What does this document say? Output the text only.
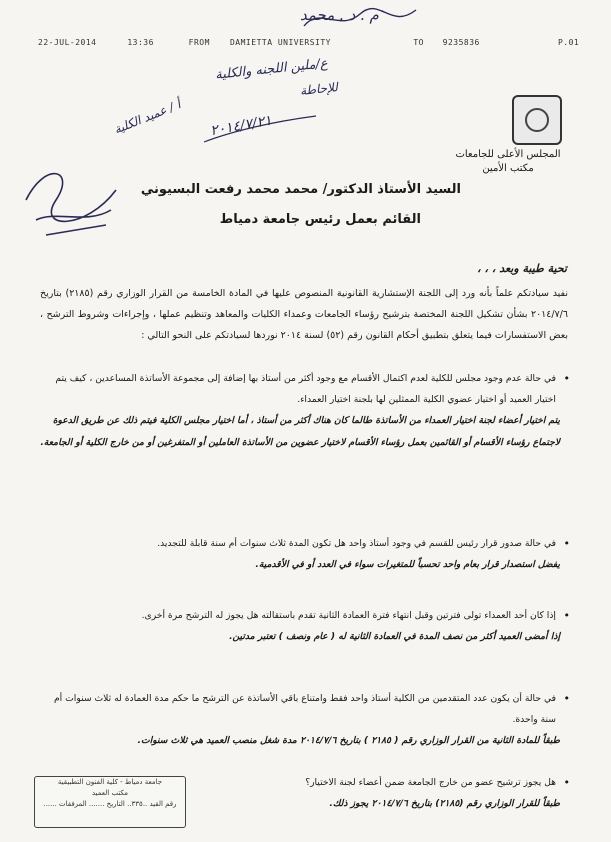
22-JUL-2014	13:36	FROM	DAMIETTA UNIVERSITY	TO 9235836	P.01
م . د . محمد
ع/ملين اللجنه والكلية
للإحاطة
٢٠١٤/٧/٢١
أ / عميد الكلية
المجلس الأعلى للجامعات
مكتب الأمين
السيد الأستاذ الدكتور/ محمد محمد رفعت البسيوني
القائم بعمل رئيس جامعة دمياط
تحية طيبة وبعد ، ، ،
نفيد سيادتكم علماً بأنه ورد إلى اللجنة الإستشارية القانونية المنصوص عليها في المادة الخامسة من القرار الوزاري رقم (٢١٨٥) بتاريخ ٢٠١٤/٧/٦ بشأن تشكيل اللجنة المختصة بترشيح رؤساء الجامعات وعمداء الكليات والمعاهد وتنظيم عملها ، وإجراءات وشروط الترشح ، بعض الاستفسارات فيما يتعلق بتطبيق أحكام القانون رقم (٥٢) لسنة ٢٠١٤ نوردها لسيادتكم على النحو التالي :
• في حالة عدم وجود مجلس للكلية لعدم اكتمال الأقسام مع وجود أكثر من أستاذ بها إضافة إلى مجموعة الأساتذة المساعدين ، كيف يتم اختيار العميد أو اختيار عضوي الكلية الممثلين لها بلجنة اختيار العمداء.
يتم اختيار أعضاء لجنة اختيار العمداء من الأساتذة طالما كان هناك أكثر من أستاذ ، أما اختيار مجلس الكلية فيتم ذلك عن طريق الدعوة لاجتماع رؤساء الأقسام أو القائمين بعمل رؤساء الأقسام لاختيار عضوين من الأساتذة العاملين أو المتفرغين أو من خارج الكلية أو الجامعة.
• في حالة صدور قرار رئيس للقسم في وجود أستاذ واحد هل تكون المدة ثلاث سنوات أم سنة قابلة للتجديد.
يفضل استصدار قرار بعام واحد تحسباً للمتغيرات سواء في العدد أو في الأقدمية.
• إذا كان أحد العمداء تولى فترتين وقبل انتهاء فترة العمادة الثانية تقدم باستقالته هل يجوز له الترشح مرة أخرى.
إذا أمضى العميد أكثر من نصف المدة في العمادة الثانية له ( عام ونصف ) تعتبر مدتين.
• في حالة أن يكون عدد المتقدمين من الكلية أستاذ واحد فقط وامتناع باقي الأساتذة عن الترشح ما حكم مدة العمادة له ثلاث سنوات أم سنة واحدة.
طبقاً للمادة الثانية من القرار الوزاري رقم ( ٢١٨٥ ) بتاريخ ٢٠١٤/٧/٦ مدة شغل منصب العميد هي ثلاث سنوات.
• هل يجوز ترشيح عضو من خارج الجامعة ضمن أعضاء لجنة الاختيار؟
طبقاً للقرار الوزاري رقم (٢١٨٥) بتاريخ ٢٠١٤/٧/٦ يجوز ذلك.
جامعة دمياط - كلية الفنون التطبيقية
مكتب العميد
رقم القيد ..٣٣٥.. التاريخ ....... المرفقات ......
